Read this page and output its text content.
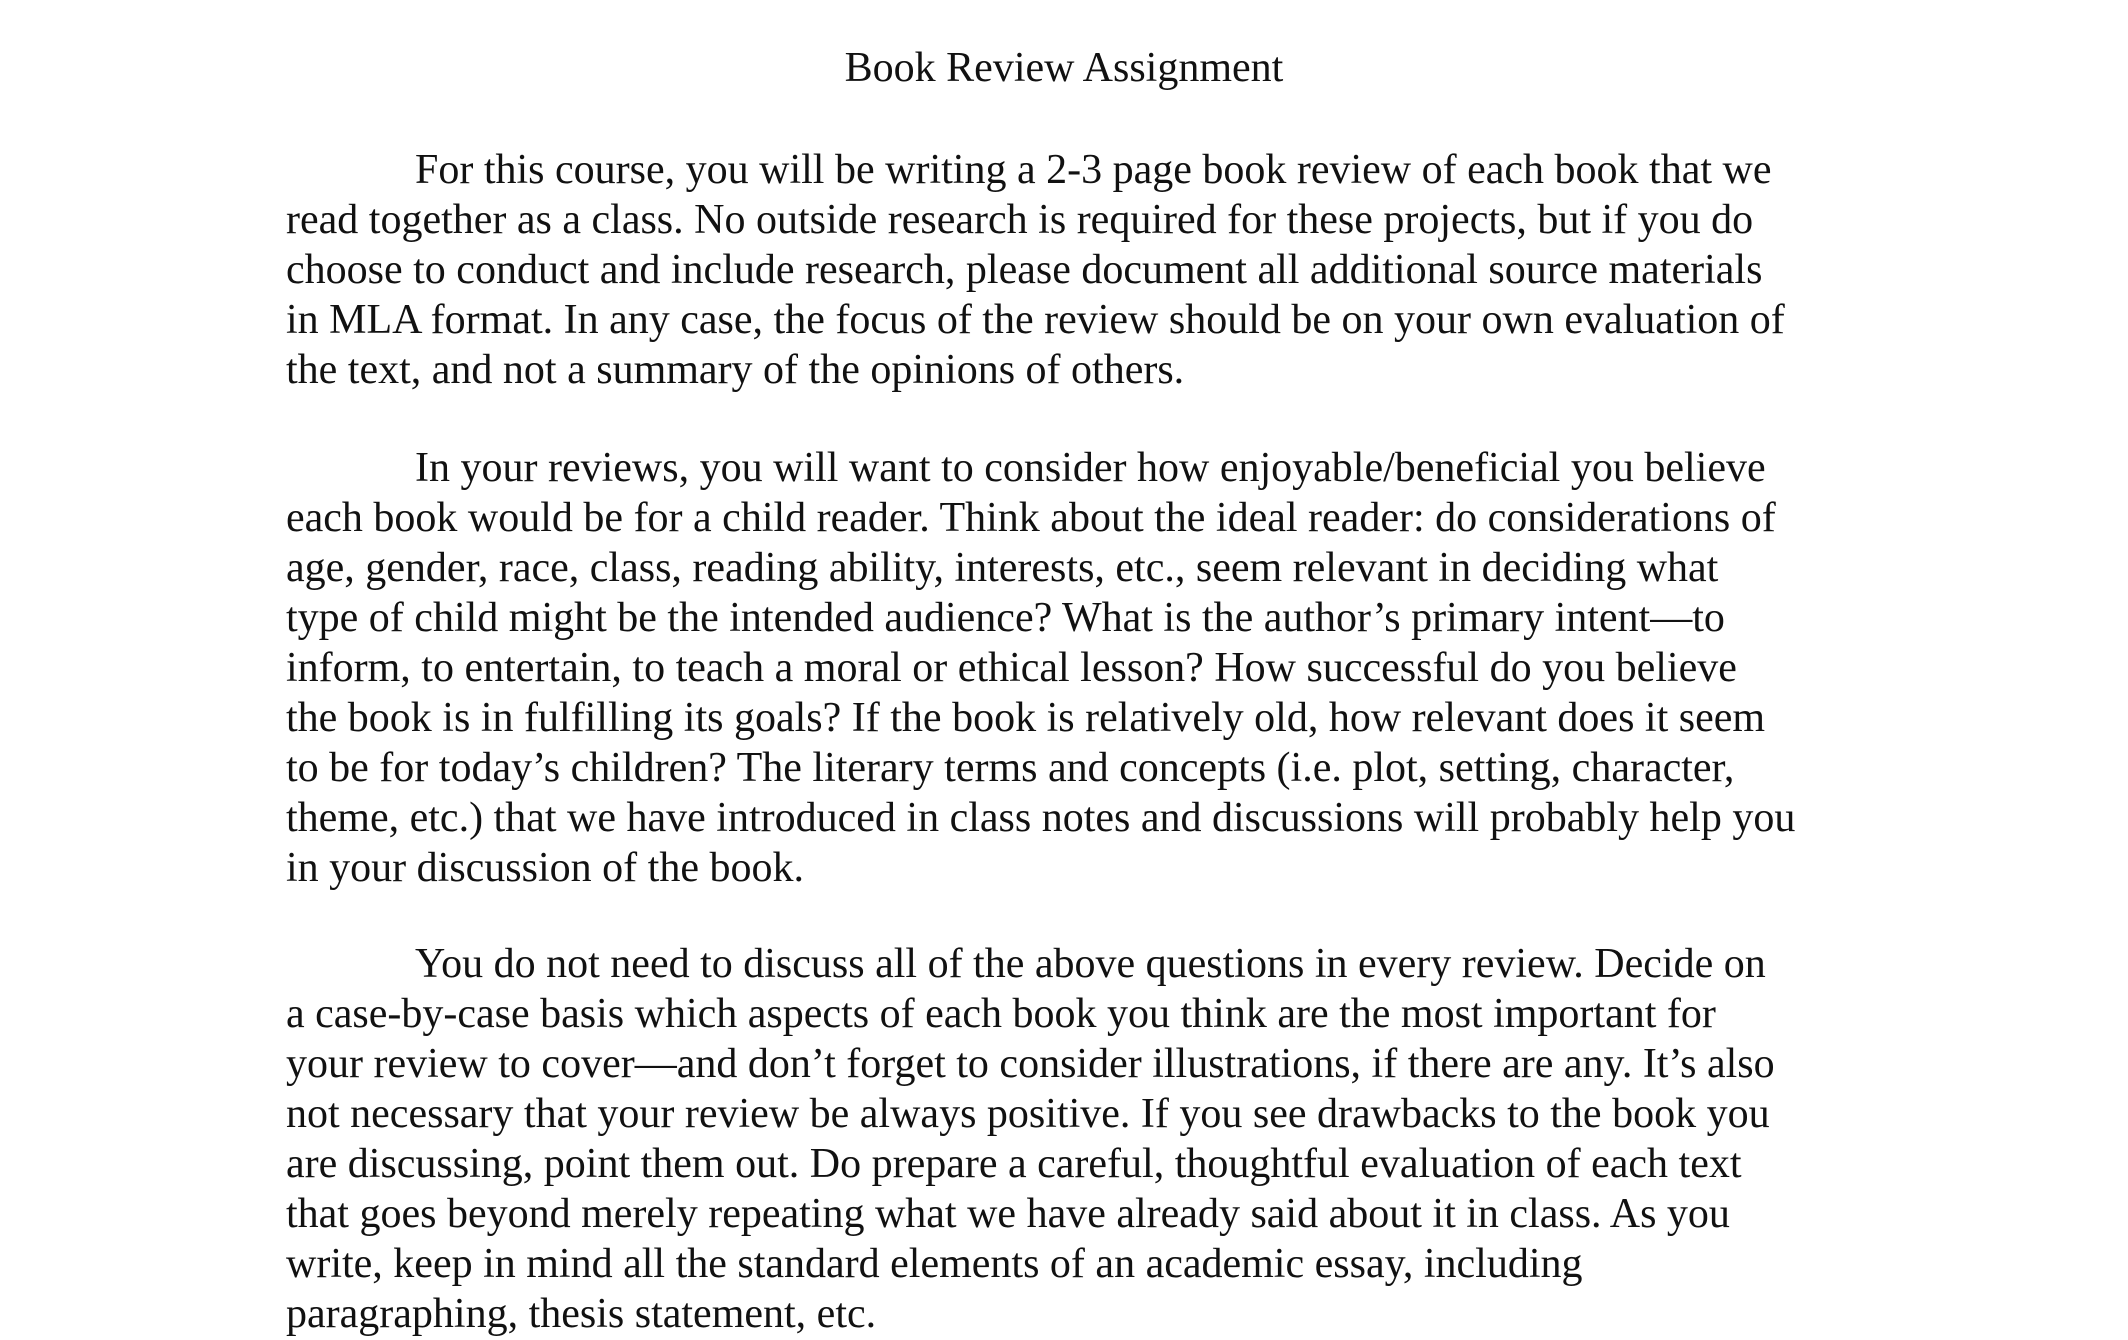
Book Review Assignment

For this course, you will be writing a 2-3 page book review of each book that we

read together as a class. No outside research is required for these projects, but if you do

choose to conduct and include research, please document all additional source materials

in MLA format. In any case, the focus of the review should be on your own evaluation of

the text, and not a summary of the opinions of others.

In your reviews, you will want to consider how enjoyable/beneficial you believe

each book would be for a child reader. Think about the ideal reader: do considerations of

age, gender, race, class, reading ability, interests, etc., seem relevant in deciding what

type of child might be the intended audience? What is the author’s primary intent—to

inform, to entertain, to teach a moral or ethical lesson? How successful do you believe

the book is in fulfilling its goals? If the book is relatively old, how relevant does it seem

to be for today’s children? The literary terms and concepts (i.e. plot, setting, character,

theme, etc.) that we have introduced in class notes and discussions will probably help you

in your discussion of the book.

You do not need to discuss all of the above questions in every review. Decide on

a case-by-case basis which aspects of each book you think are the most important for

your review to cover—and don’t forget to consider illustrations, if there are any. It’s also

not necessary that your review be always positive. If you see drawbacks to the book you

are discussing, point them out. Do prepare a careful, thoughtful evaluation of each text

that goes beyond merely repeating what we have already said about it in class. As you

write, keep in mind all the standard elements of an academic essay, including

paragraphing, thesis statement, etc.
